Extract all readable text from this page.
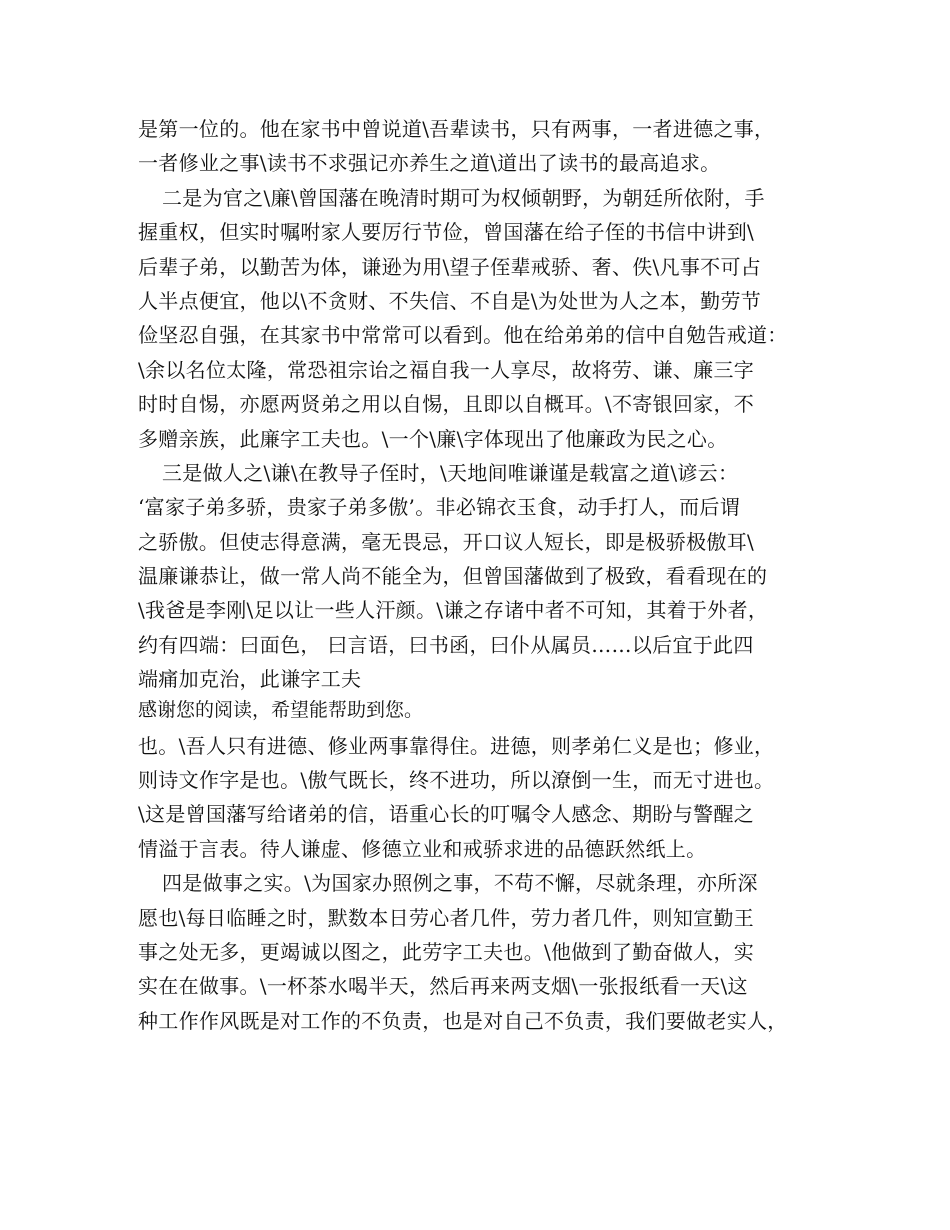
是第一位的。他在家书中曾说道\吾辈读书，只有两事，一者进德之事，
一者修业之事\读书不求强记亦养生之道\道出了读书的最高追求。
二是为官之\廉\曾国藩在晚清时期可为权倾朝野，为朝廷所依附，手
握重权，但实时嘱咐家人要厉行节俭，曾国藩在给子侄的书信中讲到\
后辈子弟，以勤苦为体，谦逊为用\望子侄辈戒骄、奢、佚\凡事不可占
人半点便宜，他以\不贪财、不失信、不自是\为处世为人之本，勤劳节
俭坚忍自强，在其家书中常常可以看到。他在给弟弟的信中自勉告戒道：
\余以名位太隆，常恐祖宗诒之福自我一人享尽，故将劳、谦、廉三字
时时自惕，亦愿两贤弟之用以自惕，且即以自概耳。\不寄银回家，不
多赠亲族，此廉字工夫也。\一个\廉\字体现出了他廉政为民之心。
三是做人之\谦\在教导子侄时，\天地间唯谦谨是载富之道\谚云：
‘富家子弟多骄，贵家子弟多傲’。非必锦衣玉食，动手打人，而后谓
之骄傲。但使志得意满，毫无畏忌，开口议人短长，即是极骄极傲耳\
温廉谦恭让，做一常人尚不能全为，但曾国藩做到了极致，看看现在的
\我爸是李刚\足以让一些人汗颜。\谦之存诸中者不可知，其着于外者，
约有四端：曰面色， 曰言语，曰书函，曰仆从属员……以后宜于此四
端痛加克治，此谦字工夫
感谢您的阅读，希望能帮助到您。
也。\吾人只有进德、修业两事靠得住。进德，则孝弟仁义是也；修业，
则诗文作字是也。\傲气既长，终不进功，所以潦倒一生，而无寸进也。
\这是曾国藩写给诸弟的信，语重心长的叮嘱令人感念、期盼与警醒之
情溢于言表。待人谦虚、修德立业和戒骄求进的品德跃然纸上。
四是做事之实。\为国家办照例之事，不苟不懈，尽就条理，亦所深
愿也\每日临睡之时，默数本日劳心者几件，劳力者几件，则知宣勤王
事之处无多，更竭诚以图之，此劳字工夫也。\他做到了勤奋做人，实
实在在做事。\一杯茶水喝半天，然后再来两支烟\一张报纸看一天\这
种工作作风既是对工作的不负责，也是对自己不负责，我们要做老实人，
